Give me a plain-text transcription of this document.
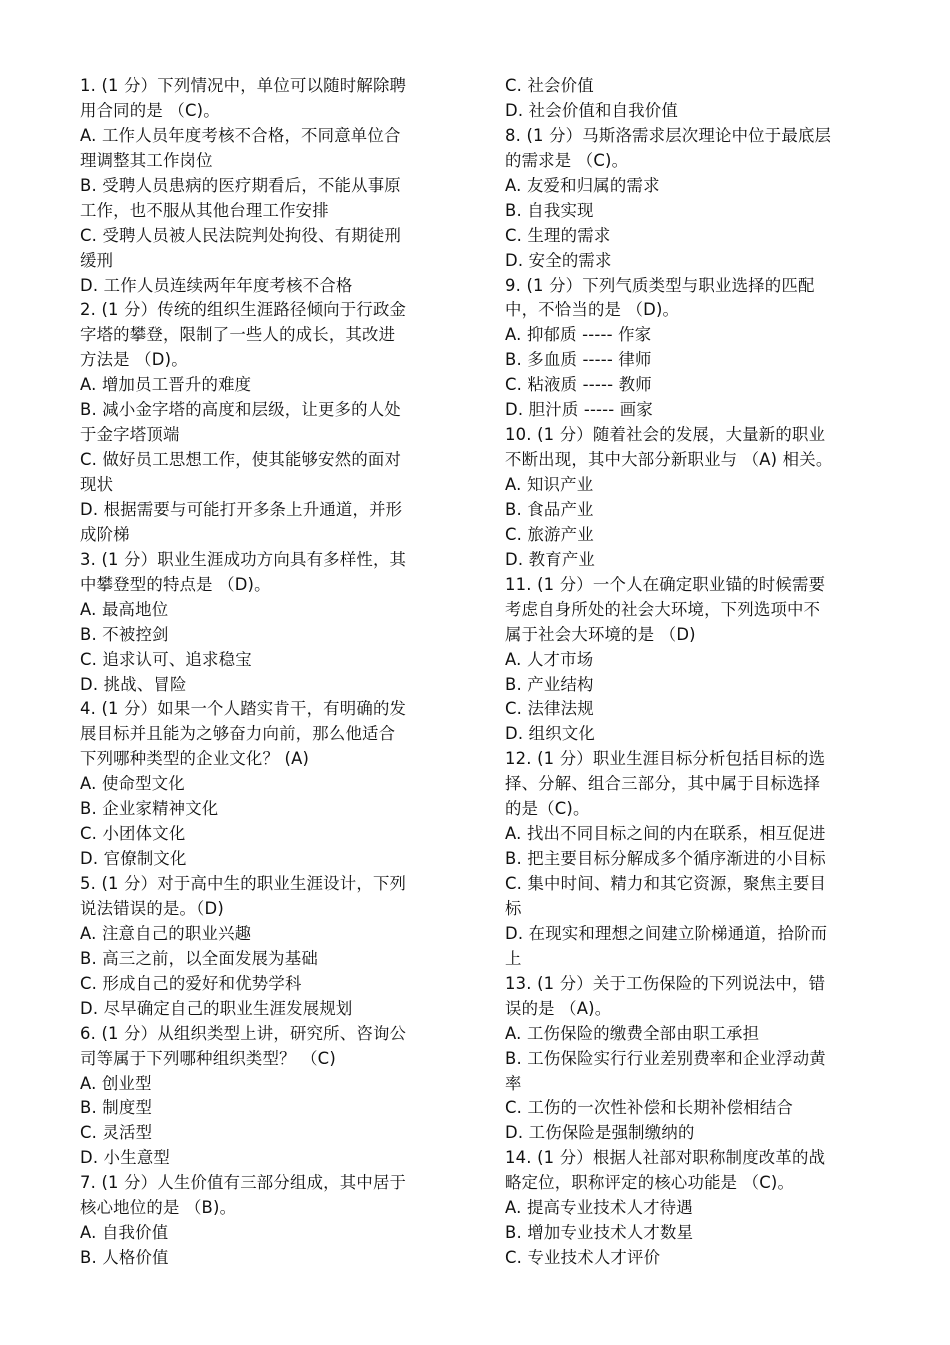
1. (1 分）下列情况中，单位可以随时解除聘
用合同的是 （C)。
A. 工作人员年度考核不合格，不同意单位合
理调整其工作岗位
B. 受聘人员患病的医疗期看后，不能从事原
工作，也不服从其他台理工作安排
C. 受聘人员被人民法院判处拘役、有期徒刑
缓刑
D. 工作人员连续两年年度考核不合格
2. (1 分）传统的组织生涯路径倾向于行政金
字塔的攀登，限制了一些人的成长，其改进
方法是 （D)。
A. 增加员工晋升的难度
B. 减小金字塔的高度和层级，让更多的人处
于金字塔顶端
C. 做好员工思想工作，使其能够安然的面对
现状
D. 根据需要与可能打开多条上升通道，并形
成阶梯
3. (1 分）职业生涯成功方向具有多样性，其
中攀登型的特点是 （D)。
A. 最高地位
B. 不被控剑
C. 追求认可、追求稳宝
D. 挑战、冒险
4. (1 分）如果一个人踏实肯干，有明确的发
展目标并且能为之够奋力向前，那么他适合
下列哪种类型的企业文化？ (A)
A. 使命型文化
B. 企业家精神文化
C. 小团体文化
D. 官僚制文化
5. (1 分）对于高中生的职业生涯设计，下列
说法错误的是。（D)
A. 注意自己的职业兴趣
B. 高三之前，以全面发展为基础
C. 形成自己的爱好和优势学科
D. 尽早确定自己的职业生涯发展规划
6. (1 分）从组织类型上讲，研究所、咨询公
司等属于下列哪种组织类型？ （C)
A. 创业型
B. 制度型
C. 灵活型
D. 小生意型
7. (1 分）人生价值有三部分组成，其中居于
核心地位的是 （B)。
A. 自我价值
B. 人格价值
C. 社会价值
D. 社会价值和自我价值
8. (1 分）马斯洛需求层次理论中位于最底层
的需求是 （C)。
A. 友爱和归属的需求
B. 自我实现
C. 生理的需求
D. 安全的需求
9. (1 分）下列气质类型与职业选择的匹配
中，不恰当的是 （D)。
A. 抑郁质 ----- 作家
B. 多血质 ----- 律师
C. 粘液质 ----- 教师
D. 胆汁质 ----- 画家
10. (1 分）随着社会的发展，大量新的职业
不断出现，其中大部分新职业与 （A) 相关。
A. 知识产业
B. 食品产业
C. 旅游产业
D. 教育产业
11. (1 分）一个人在确定职业锚的时候需要
考虑自身所处的社会大环境，下列选项中不
属于社会大环境的是 （D)
A. 人才市场
B. 产业结构
C. 法律法规
D. 组织文化
12. (1 分）职业生涯目标分析包括目标的选
择、分解、组合三部分，其中属于目标选择
的是（C)。
A. 找出不同目标之间的内在联系，相互促进
B. 把主要目标分解成多个循序渐进的小目标
C. 集中时间、精力和其它资源，聚焦主要目
标
D. 在现实和理想之间建立阶梯通道，拾阶而
上
13. (1 分）关于工伤保险的下列说法中，错
误的是 （A)。
A. 工伤保险的缴费全部由职工承担
B. 工伤保险实行行业差别费率和企业浮动黄
率
C. 工伤的一次性补偿和长期补偿相结合
D. 工伤保险是强制缴纳的
14. (1 分）根据人社部对职称制度改革的战
略定位，职称评定的核心功能是 （C)。
A. 提高专业技术人才待遇
B. 增加专业技术人才数星
C. 专业技术人才评价
